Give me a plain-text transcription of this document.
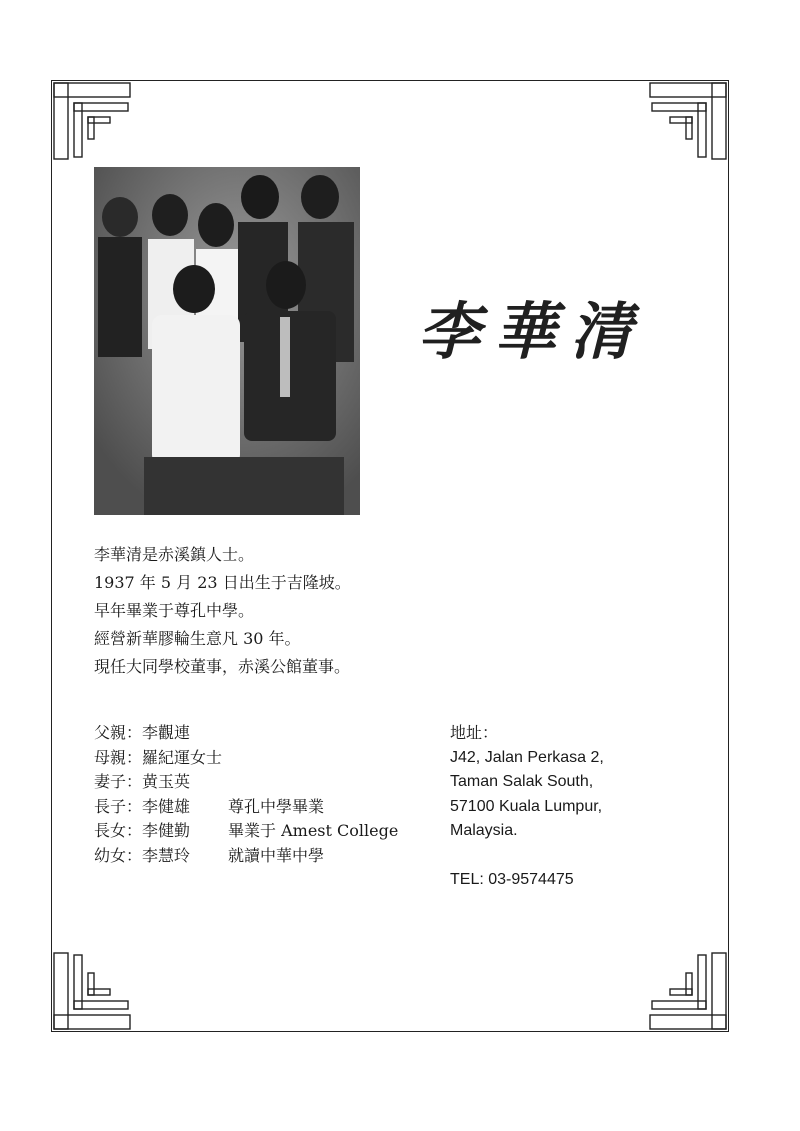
李華清
李華清是赤溪鎮人士。
1937 年 5 月 23 日出生于吉隆坡。
早年畢業于尊孔中學。
經營新華膠輪生意凡 30 年。
現任大同學校董事，赤溪公館董事。
父親：李觀連
母親：羅紀運女士
妻子：黄玉英
長子：李健雄 尊孔中學畢業
長女：李健勤 畢業于 Amest College
幼女：李慧玲 就讀中華中學
地址：
J42, Jalan Perkasa 2,
Taman Salak South,
57100 Kuala Lumpur,
Malaysia.
TEL: 03-9574475
